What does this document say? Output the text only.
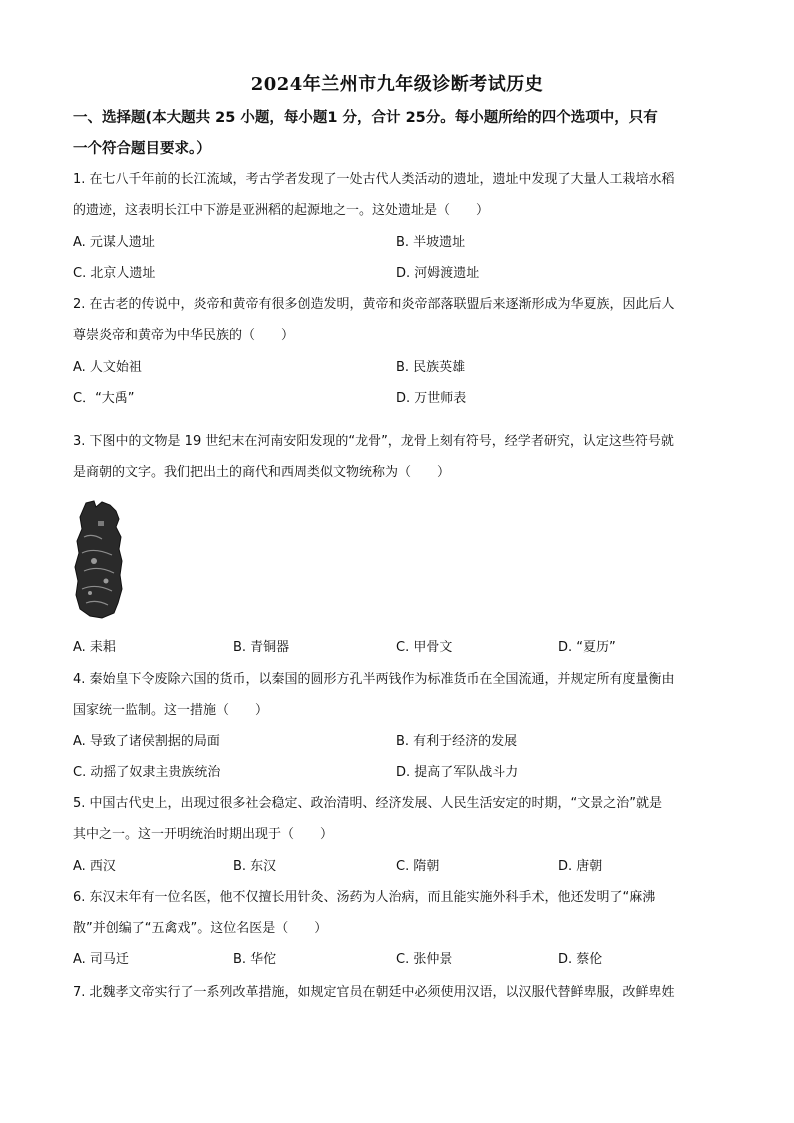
2024年兰州市九年级诊断考试历史
一、选择题(本大题共 25 小题，每小题1 分，合计 25分。每小题所给的四个选项中，只有
一个符合题目要求。）
1. 在七八千年前的长江流域，考古学者发现了一处古代人类活动的遗址，遗址中发现了大量人工栽培水稻
的遗迹，这表明长江中下游是亚洲稻的起源地之一。这处遗址是（　　）
A. 元谋人遗址	B. 半坡遗址
C. 北京人遗址	D. 河姆渡遗址
2. 在古老的传说中，炎帝和黄帝有很多创造发明，黄帝和炎帝部落联盟后来逐渐形成为华夏族，因此后人
尊崇炎帝和黄帝为中华民族的（　　）
A. 人文始祖	B. 民族英雄
C．“大禹”	D. 万世师表
3. 下图中的文物是 19 世纪末在河南安阳发现的“龙骨”，龙骨上刻有符号，经学者研究，认定这些符号就
是商朝的文字。我们把出土的商代和西周类似文物统称为（　　）
A. 耒耜	B. 青铜器	C. 甲骨文	D. “夏历”
4. 秦始皇下令废除六国的货币，以秦国的圆形方孔半两钱作为标准货币在全国流通，并规定所有度量衡由
国家统一监制。这一措施（　　）
A. 导致了诸侯割据的局面	B. 有利于经济的发展
C. 动摇了奴隶主贵族统治	D. 提高了军队战斗力
5. 中国古代史上，出现过很多社会稳定、政治清明、经济发展、人民生活安定的时期，“文景之治”就是
其中之一。这一开明统治时期出现于（　　）
A. 西汉	B. 东汉	C. 隋朝	D. 唐朝
6. 东汉末年有一位名医，他不仅擅长用针灸、汤药为人治病，而且能实施外科手术，他还发明了“麻沸
散”并创编了“五禽戏”。这位名医是（　　）
A. 司马迁	B. 华佗	C. 张仲景	D. 蔡伦
7. 北魏孝文帝实行了一系列改革措施，如规定官员在朝廷中必须使用汉语，以汉服代替鲜卑服，改鲜卑姓
